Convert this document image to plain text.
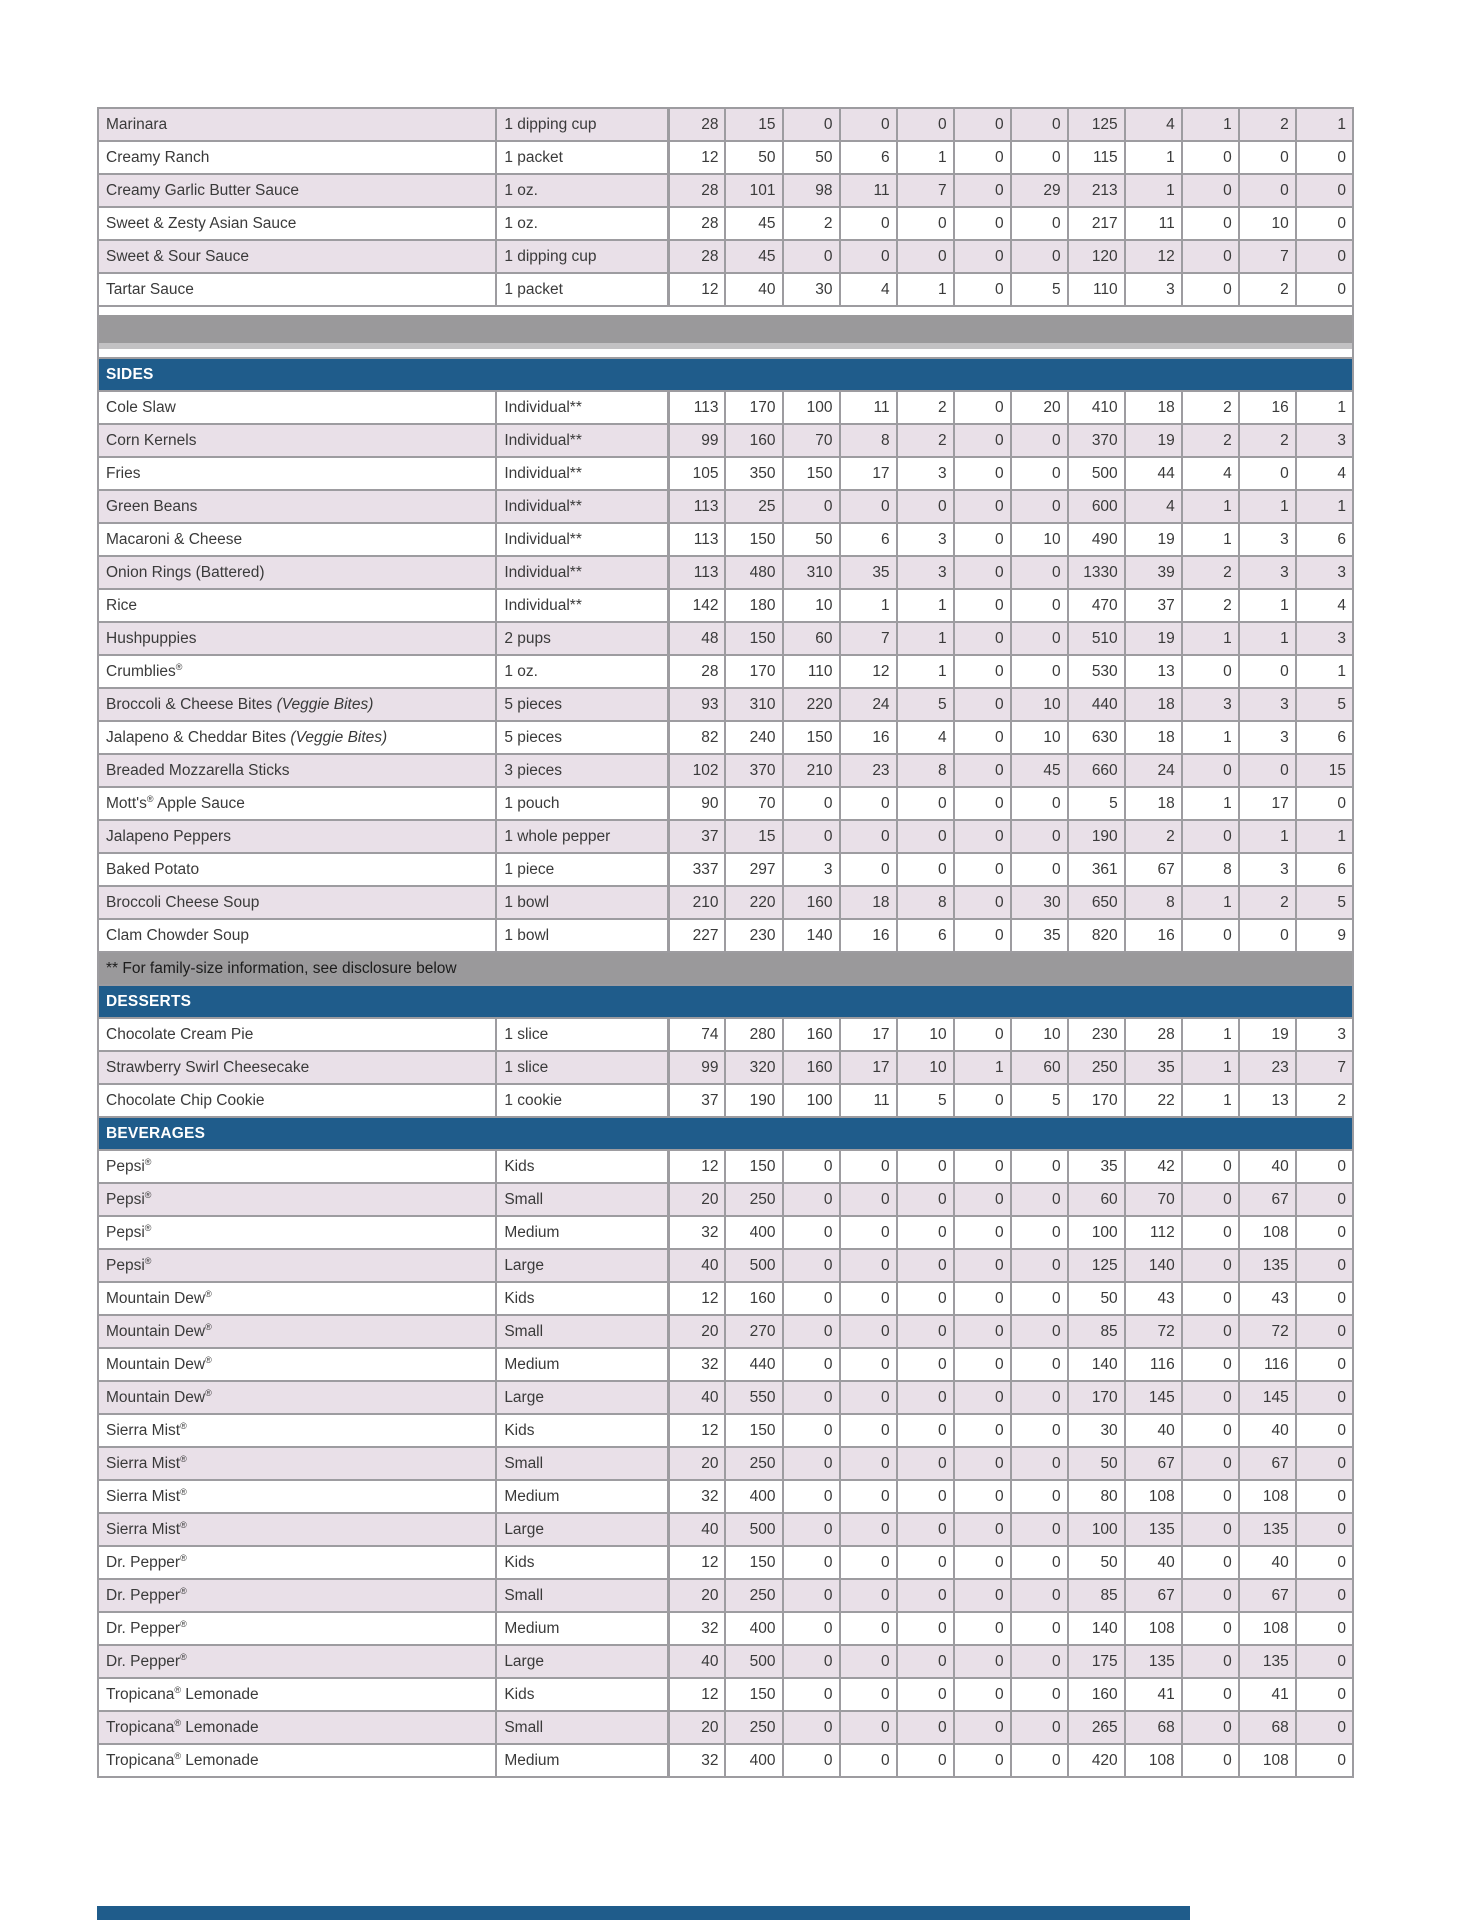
Marinara	1 dipping cup	28	15	0	0	0	0	0	125	4	1	2	1
Creamy Ranch	1 packet	12	50	50	6	1	0	0	115	1	0	0	0
Creamy Garlic Butter Sauce	1 oz.	28	101	98	11	7	0	29	213	1	0	0	0
Sweet & Zesty Asian Sauce	1 oz.	28	45	2	0	0	0	0	217	11	0	10	0
Sweet & Sour Sauce	1 dipping cup	28	45	0	0	0	0	0	120	12	0	7	0
Tartar Sauce	1 packet	12	40	30	4	1	0	5	110	3	0	2	0

SIDES													
Cole Slaw	Individual**	113	170	100	11	2	0	20	410	18	2	16	1
Corn Kernels	Individual**	99	160	70	8	2	0	0	370	19	2	2	3
Fries	Individual**	105	350	150	17	3	0	0	500	44	4	0	4
Green Beans	Individual**	113	25	0	0	0	0	0	600	4	1	1	1
Macaroni & Cheese	Individual**	113	150	50	6	3	0	10	490	19	1	3	6
Onion Rings (Battered)	Individual**	113	480	310	35	3	0	0	1330	39	2	3	3
Rice	Individual**	142	180	10	1	1	0	0	470	37	2	1	4
Hushpuppies	2 pups	48	150	60	7	1	0	0	510	19	1	1	3
Crumblies®	1 oz.	28	170	110	12	1	0	0	530	13	0	0	1
Broccoli & Cheese Bites (Veggie Bites)	5 pieces	93	310	220	24	5	0	10	440	18	3	3	5
Jalapeno & Cheddar Bites (Veggie Bites)	5 pieces	82	240	150	16	4	0	10	630	18	1	3	6
Breaded Mozzarella Sticks	3 pieces	102	370	210	23	8	0	45	660	24	0	0	15
Mott's® Apple Sauce	1 pouch	90	70	0	0	0	0	0	5	18	1	17	0
Jalapeno Peppers	1 whole pepper	37	15	0	0	0	0	0	190	2	0	1	1
Baked Potato	1 piece	337	297	3	0	0	0	0	361	67	8	3	6
Broccoli Cheese Soup	1 bowl	210	220	160	18	8	0	30	650	8	1	2	5
Clam Chowder Soup	1 bowl	227	230	140	16	6	0	35	820	16	0	0	9
** For family-size information, see disclosure below													
DESSERTS													
Chocolate Cream Pie	1 slice	74	280	160	17	10	0	10	230	28	1	19	3
Strawberry Swirl Cheesecake	1 slice	99	320	160	17	10	1	60	250	35	1	23	7
Chocolate Chip Cookie	1 cookie	37	190	100	11	5	0	5	170	22	1	13	2
BEVERAGES													
Pepsi®	Kids	12	150	0	0	0	0	0	35	42	0	40	0
Pepsi®	Small	20	250	0	0	0	0	0	60	70	0	67	0
Pepsi®	Medium	32	400	0	0	0	0	0	100	112	0	108	0
Pepsi®	Large	40	500	0	0	0	0	0	125	140	0	135	0
Mountain Dew®	Kids	12	160	0	0	0	0	0	50	43	0	43	0
Mountain Dew®	Small	20	270	0	0	0	0	0	85	72	0	72	0
Mountain Dew®	Medium	32	440	0	0	0	0	0	140	116	0	116	0
Mountain Dew®	Large	40	550	0	0	0	0	0	170	145	0	145	0
Sierra Mist®	Kids	12	150	0	0	0	0	0	30	40	0	40	0
Sierra Mist®	Small	20	250	0	0	0	0	0	50	67	0	67	0
Sierra Mist®	Medium	32	400	0	0	0	0	0	80	108	0	108	0
Sierra Mist®	Large	40	500	0	0	0	0	0	100	135	0	135	0
Dr. Pepper®	Kids	12	150	0	0	0	0	0	50	40	0	40	0
Dr. Pepper®	Small	20	250	0	0	0	0	0	85	67	0	67	0
Dr. Pepper®	Medium	32	400	0	0	0	0	0	140	108	0	108	0
Dr. Pepper®	Large	40	500	0	0	0	0	0	175	135	0	135	0
Tropicana® Lemonade	Kids	12	150	0	0	0	0	0	160	41	0	41	0
Tropicana® Lemonade	Small	20	250	0	0	0	0	0	265	68	0	68	0
Tropicana® Lemonade	Medium	32	400	0	0	0	0	0	420	108	0	108	0
